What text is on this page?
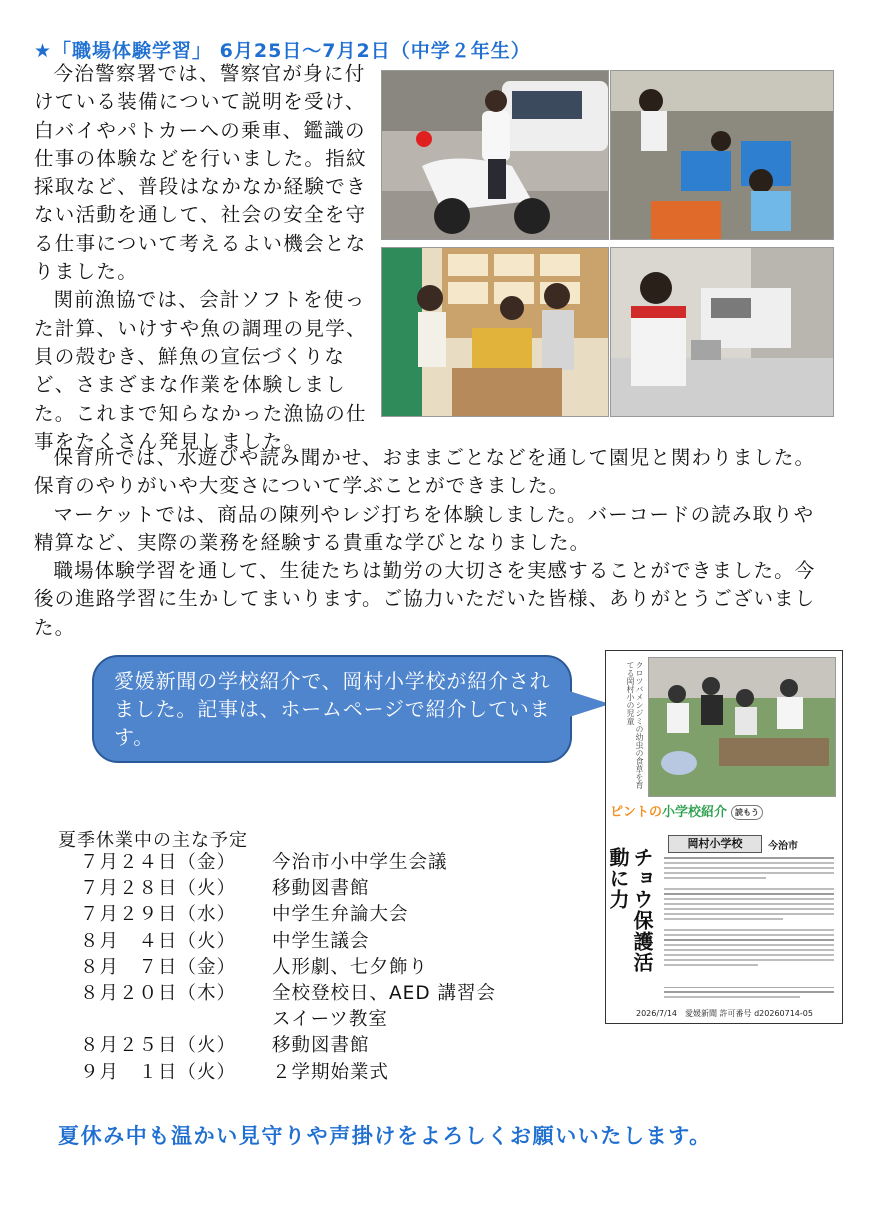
★「職場体験学習」 6月25日～7月2日（中学２年生）

今治警察署では、警察官が身に付けている装備について説明を受け、白バイやパトカーへの乗車、鑑識の仕事の体験などを行いました。指紋採取など、普段はなかなか経験できない活動を通して、社会の安全を守る仕事について考えるよい機会となりました。

関前漁協では、会計ソフトを使った計算、いけすや魚の調理の見学、貝の殻むき、鮮魚の宣伝づくりなど、さまざまな作業を体験しました。これまで知らなかった漁協の仕事をたくさん発見しました。

保育所では、水遊びや読み聞かせ、おままごとなどを通して園児と関わりました。保育のやりがいや大変さについて学ぶことができました。

マーケットでは、商品の陳列やレジ打ちを体験しました。バーコードの読み取りや精算など、実際の業務を経験する貴重な学びとなりました。

職場体験学習を通して、生徒たちは勤労の大切さを実感することができました。今後の進路学習に生かしてまいります。ご協力いただいた皆様、ありがとうございました。

愛媛新聞の学校紹介で、岡村小学校が紹介されました。記事は、ホームページで紹介しています。	クロツバメシジミの幼虫の食草を育てる岡村小の児童
ピントの小学校紹介 読もう
岡村小学校	今治市
チョウ保護活動に力
2026/7/14　愛媛新聞 許可番号 d20260714-05
夏季休業中の主な予定
７月２４日（金）	今治市小中学生会議
７月２８日（火）	移動図書館
７月２９日（水）	中学生弁論大会
８月　４日（火）	中学生議会
８月　７日（金）	人形劇、七夕飾り
８月２０日（木）	全校登校日、AED 講習会
スイーツ教室
８月２５日（火）	移動図書館
９月　１日（火）	２学期始業式
夏休み中も温かい見守りや声掛けをよろしくお願いいたします。
